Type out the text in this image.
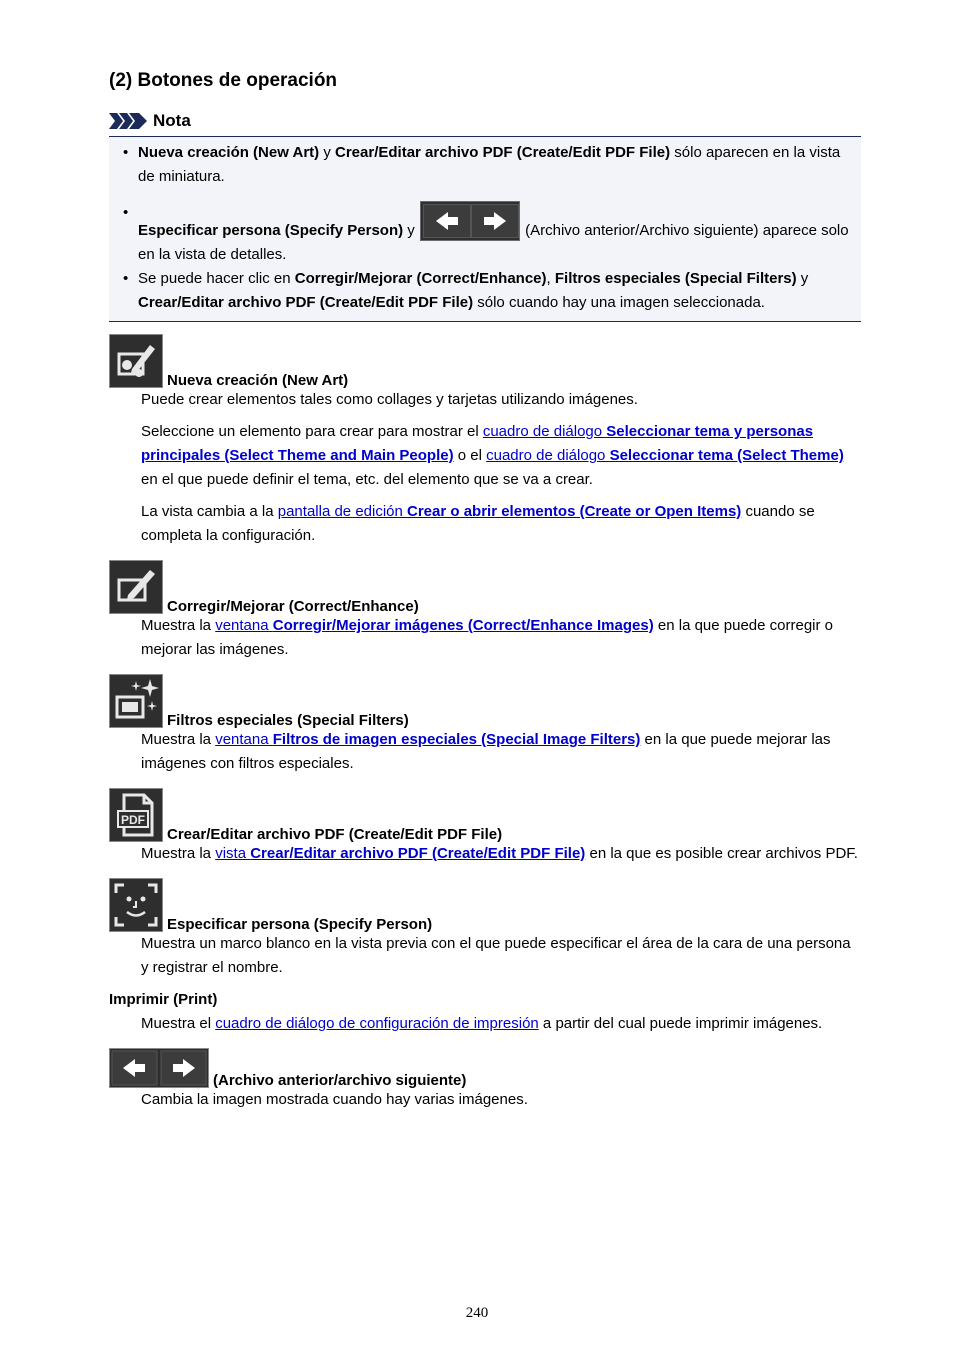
(2) Botones de operación
Nota
• Nueva creación (New Art) y Crear/Editar archivo PDF (Create/Edit PDF File) sólo aparecen en la vista de miniatura.
•
Especificar persona (Specify Person) y	(Archivo anterior/Archivo siguiente) aparece solo en la vista de detalles.
• Se puede hacer clic en Corregir/Mejorar (Correct/Enhance), Filtros especiales (Special Filters) y Crear/Editar archivo PDF (Create/Edit PDF File) sólo cuando hay una imagen seleccionada.
Nueva creación (New Art)

Puede crear elementos tales como collages y tarjetas utilizando imágenes.

Seleccione un elemento para crear para mostrar el cuadro de diálogo Seleccionar tema y personas principales (Select Theme and Main People) o el cuadro de diálogo Seleccionar tema (Select Theme) en el que puede definir el tema, etc. del elemento que se va a crear.

La vista cambia a la pantalla de edición Crear o abrir elementos (Create or Open Items) cuando se completa la configuración.

Corregir/Mejorar (Correct/Enhance)

Muestra la ventana Corregir/Mejorar imágenes (Correct/Enhance Images) en la que puede corregir o mejorar las imágenes.

Filtros especiales (Special Filters)

Muestra la ventana Filtros de imagen especiales (Special Image Filters) en la que puede mejorar las imágenes con filtros especiales.

PDF
Crear/Editar archivo PDF (Create/Edit PDF File)

Muestra la vista Crear/Editar archivo PDF (Create/Edit PDF File) en la que es posible crear archivos PDF.

Especificar persona (Specify Person)

Muestra un marco blanco en la vista previa con el que puede especificar el área de la cara de una persona y registrar el nombre.

Imprimir (Print)

Muestra el cuadro de diálogo de configuración de impresión a partir del cual puede imprimir imágenes.

(Archivo anterior/archivo siguiente)

Cambia la imagen mostrada cuando hay varias imágenes.

240
